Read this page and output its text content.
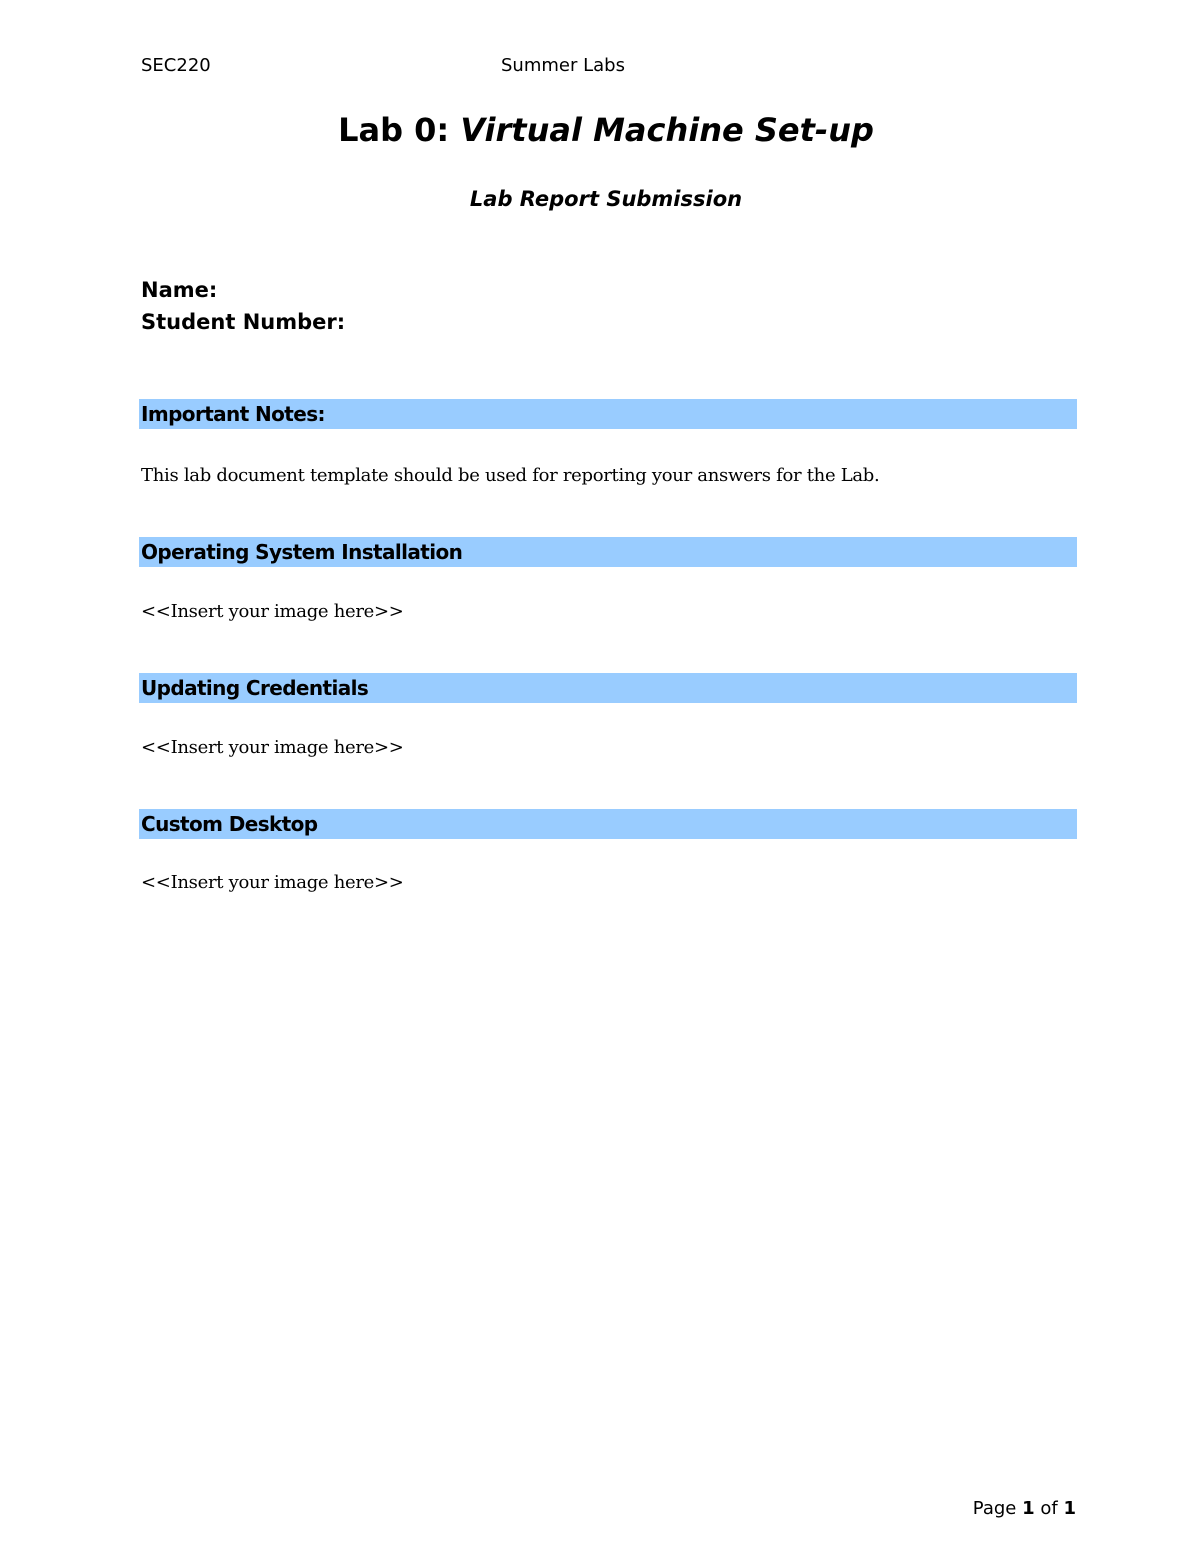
SEC220	Summer Labs
Lab 0: Virtual Machine Set-up
Lab Report Submission
Name:
Student Number:
Important Notes:
This lab document template should be used for reporting your answers for the Lab.
Operating System Installation
<<Insert your image here>>
Updating Credentials
<<Insert your image here>>
Custom Desktop
<<Insert your image here>>
Page 1 of 1
